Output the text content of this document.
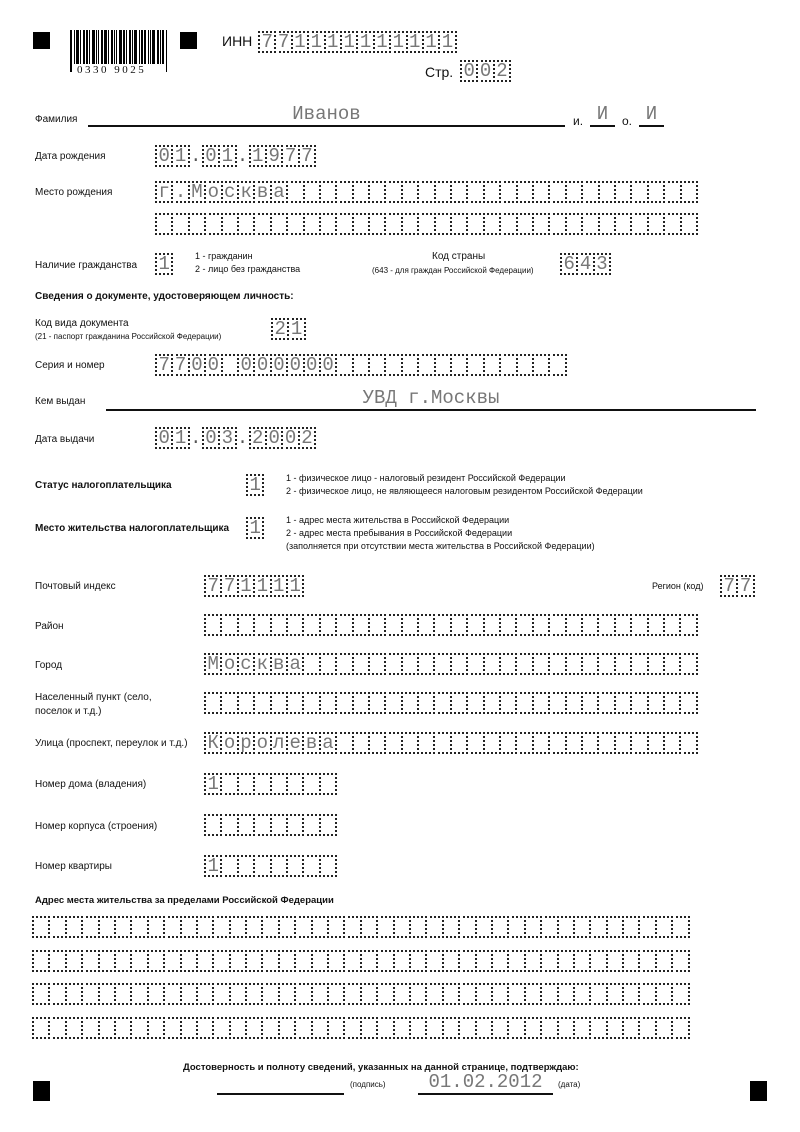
0330 9025
ИНН 7 7 1 1 1 1 1 1 1 1 1 1
Стр. 0 0 2
Фамилия	Иванов	и. И	о. И
Дата рождения	0 1 . 0 1 . 1 9 7 7
Место рождения г . М о с к в а
Наличие гражданства 1	1 - гражданин
2 - лицо без гражданства
Код страны
(643 - для граждан Российской Федерации) 6 4 3
Сведения о документе, удостоверяющем личность:
Код вида документа
(21 - паспорт гражданина Российской Федерации)	2 1
Серия и номер	7 7 0 0 0 0 0 0 0 0
Кем выдан	УВД г.Москвы
Дата выдачи	0 1 . 0 3 . 2 0 0 2
Статус налогоплательщика	1	1 - физическое лицо - налоговый резидент Российской Федерации
2 - физическое лицо, не являющееся налоговым резидентом Российской Федерации
Место жительства налогоплательщика 1	1 - адрес места жительства в Российской Федерации
2 - адрес места пребывания в Российской Федерации
(заполняется при отсутствии места жительства в Российской Федерации)
Почтовый индекс	7 7 1 1 1 1	Регион (код) 7 7
Район
Город	М о с к в а
Населенный пункт (село,
поселок и т.д.)
Улица (проспект, переулок и т.д.) К о р о л е в а
Номер дома (владения)	1
Номер корпуса (строения)
Номер квартиры	1
Адрес места жительства за пределами Российской Федерации
Достоверность и полноту сведений, указанных на данной странице, подтверждаю:
(подпись)	01.02.2012	(дата)
